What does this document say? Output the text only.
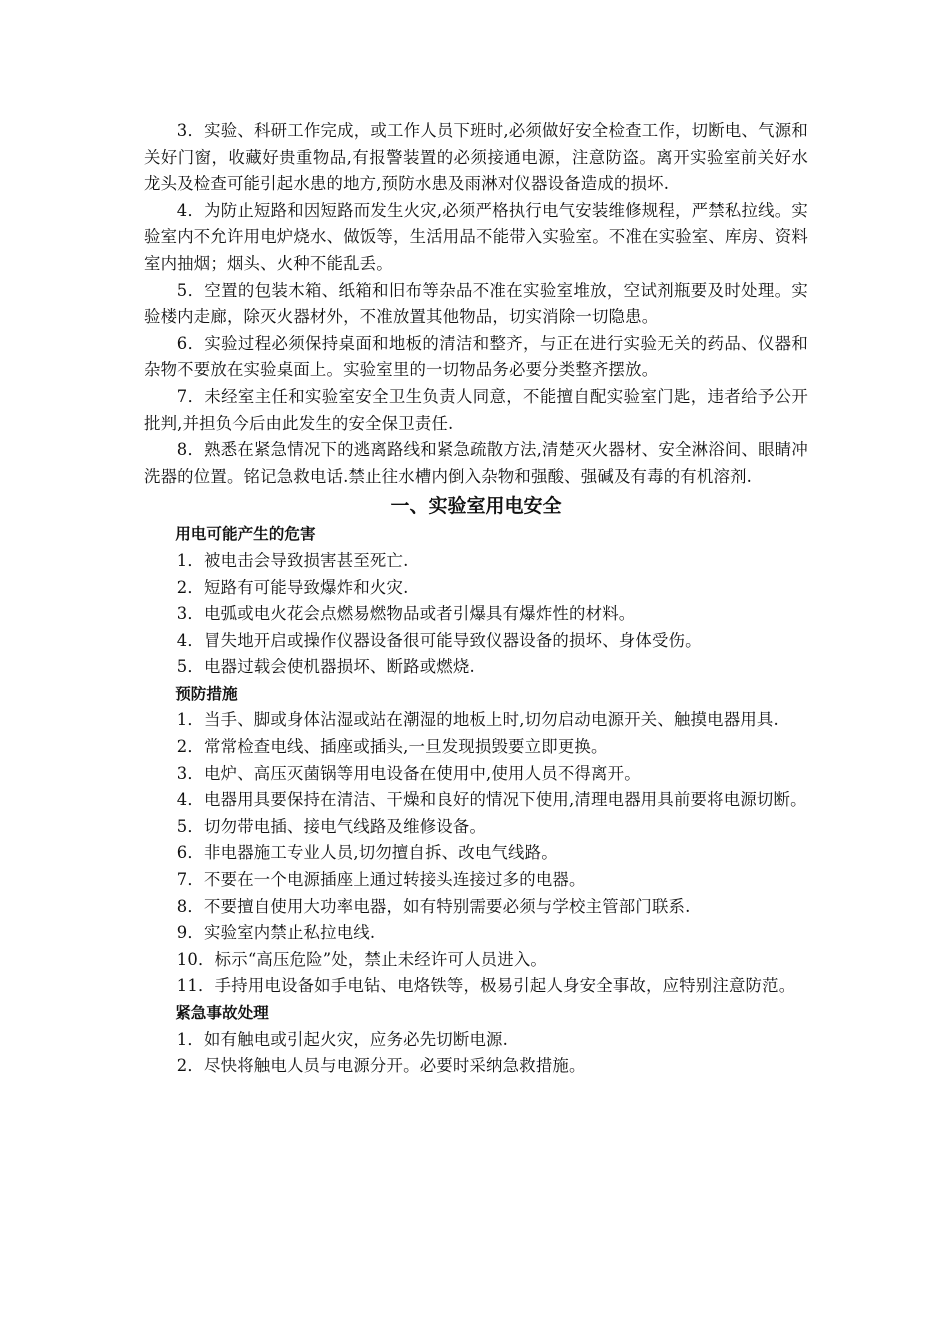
3．实验、科研工作完成，或工作人员下班时,必须做好安全检查工作，切断电、气源和关好门窗，收藏好贵重物品,有报警装置的必须接通电源，注意防盗。离开实验室前关好水龙头及检查可能引起水患的地方,预防水患及雨淋对仪器设备造成的损坏.

4．为防止短路和因短路而发生火灾,必须严格执行电气安装维修规程，严禁私拉线。实验室内不允许用电炉烧水、做饭等，生活用品不能带入实验室。不准在实验室、库房、资料室内抽烟；烟头、火种不能乱丢。

5．空置的包装木箱、纸箱和旧布等杂品不准在实验室堆放，空试剂瓶要及时处理。实验楼内走廊，除灭火器材外，不准放置其他物品，切实消除一切隐患。

6．实验过程必须保持桌面和地板的清洁和整齐，与正在进行实验无关的药品、仪器和杂物不要放在实验桌面上。实验室里的一切物品务必要分类整齐摆放。

7．未经室主任和实验室安全卫生负责人同意，不能擅自配实验室门匙，违者给予公开批判,并担负今后由此发生的安全保卫责任.

8．熟悉在紧急情况下的逃离路线和紧急疏散方法,清楚灭火器材、安全淋浴间、眼睛冲洗器的位置。铭记急救电话.禁止往水槽内倒入杂物和强酸、强碱及有毒的有机溶剂.

一、实验室用电安全
用电可能产生的危害

1．被电击会导致损害甚至死亡.

2．短路有可能导致爆炸和火灾.

3．电弧或电火花会点燃易燃物品或者引爆具有爆炸性的材料。

4．冒失地开启或操作仪器设备很可能导致仪器设备的损坏、身体受伤。

5．电器过载会使机器损坏、断路或燃烧.

预防措施

1．当手、脚或身体沾湿或站在潮湿的地板上时,切勿启动电源开关、触摸电器用具.

2．常常检查电线、插座或插头,一旦发现损毁要立即更换。

3．电炉、高压灭菌锅等用电设备在使用中,使用人员不得离开。

4．电器用具要保持在清洁、干燥和良好的情况下使用,清理电器用具前要将电源切断。

5．切勿带电插、接电气线路及维修设备。

6．非电器施工专业人员,切勿擅自拆、改电气线路。

7．不要在一个电源插座上通过转接头连接过多的电器。

8．不要擅自使用大功率电器，如有特别需要必须与学校主管部门联系.

9．实验室内禁止私拉电线.

10．标示“高压危险”处，禁止未经许可人员进入。

11．手持用电设备如手电钻、电烙铁等，极易引起人身安全事故，应特别注意防范。

紧急事故处理

1．如有触电或引起火灾，应务必先切断电源.

2．尽快将触电人员与电源分开。必要时采纳急救措施。
